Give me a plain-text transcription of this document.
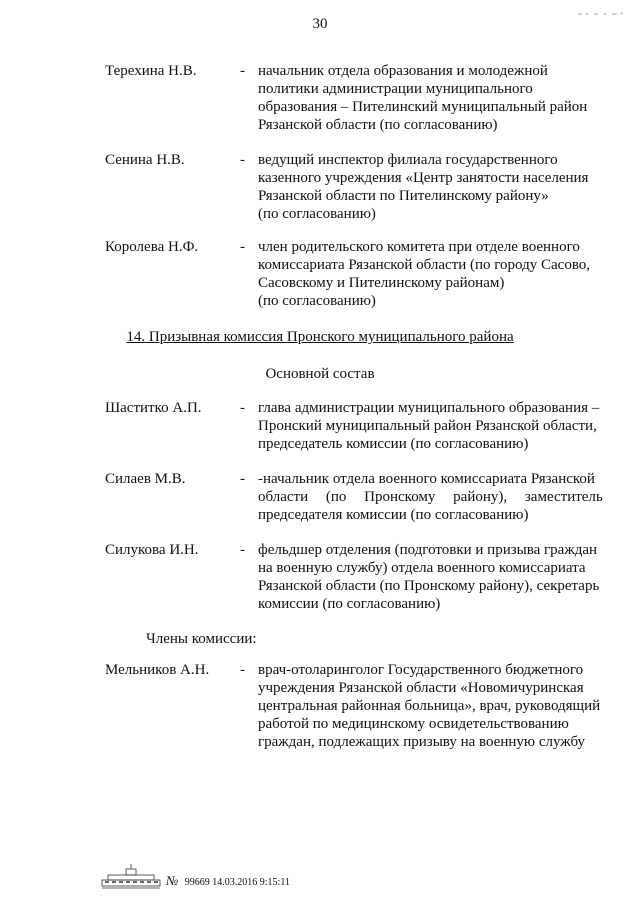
30
Терехина Н.В.	- начальник отдела образования и молодежной
политики администрации муниципального
образования – Пителинский муниципальный район
Рязанской области (по согласованию)
Сенина Н.В.	- ведущий инспектор филиала государственного
казенного учреждения «Центр занятости населения
Рязанской области по Пителинскому району»
(по согласованию)
Королева Н.Ф.	- член родительского комитета при отделе военного
комиссариата Рязанской области (по городу Сасово,
Сасовскому и Пителинскому районам)
(по согласованию)
14. Призывная комиссия Пронского муниципального района
Основной состав
Шаститко А.П.	- глава администрации муниципального образования –
Пронский муниципальный район Рязанской области,
председатель комиссии (по согласованию)
Силаев М.В.	- -начальник отдела военного комиссариата Рязанской
области (по Пронскому району), заместитель
председателя комиссии (по согласованию)
Силукова И.Н.	- фельдшер отделения (подготовки и призыва граждан
на военную службу) отдела военного комиссариата
Рязанской области (по Пронскому району), секретарь
комиссии (по согласованию)
Члены комиссии:
Мельников А.Н. - врач-отоларинголог Государственного бюджетного
учреждения Рязанской области «Новомичуринская
центральная районная больница», врач, руководящий
работой по медицинскому освидетельствованию
граждан, подлежащих призыву на военную службу
№ 99669 14.03.2016 9:15:11
